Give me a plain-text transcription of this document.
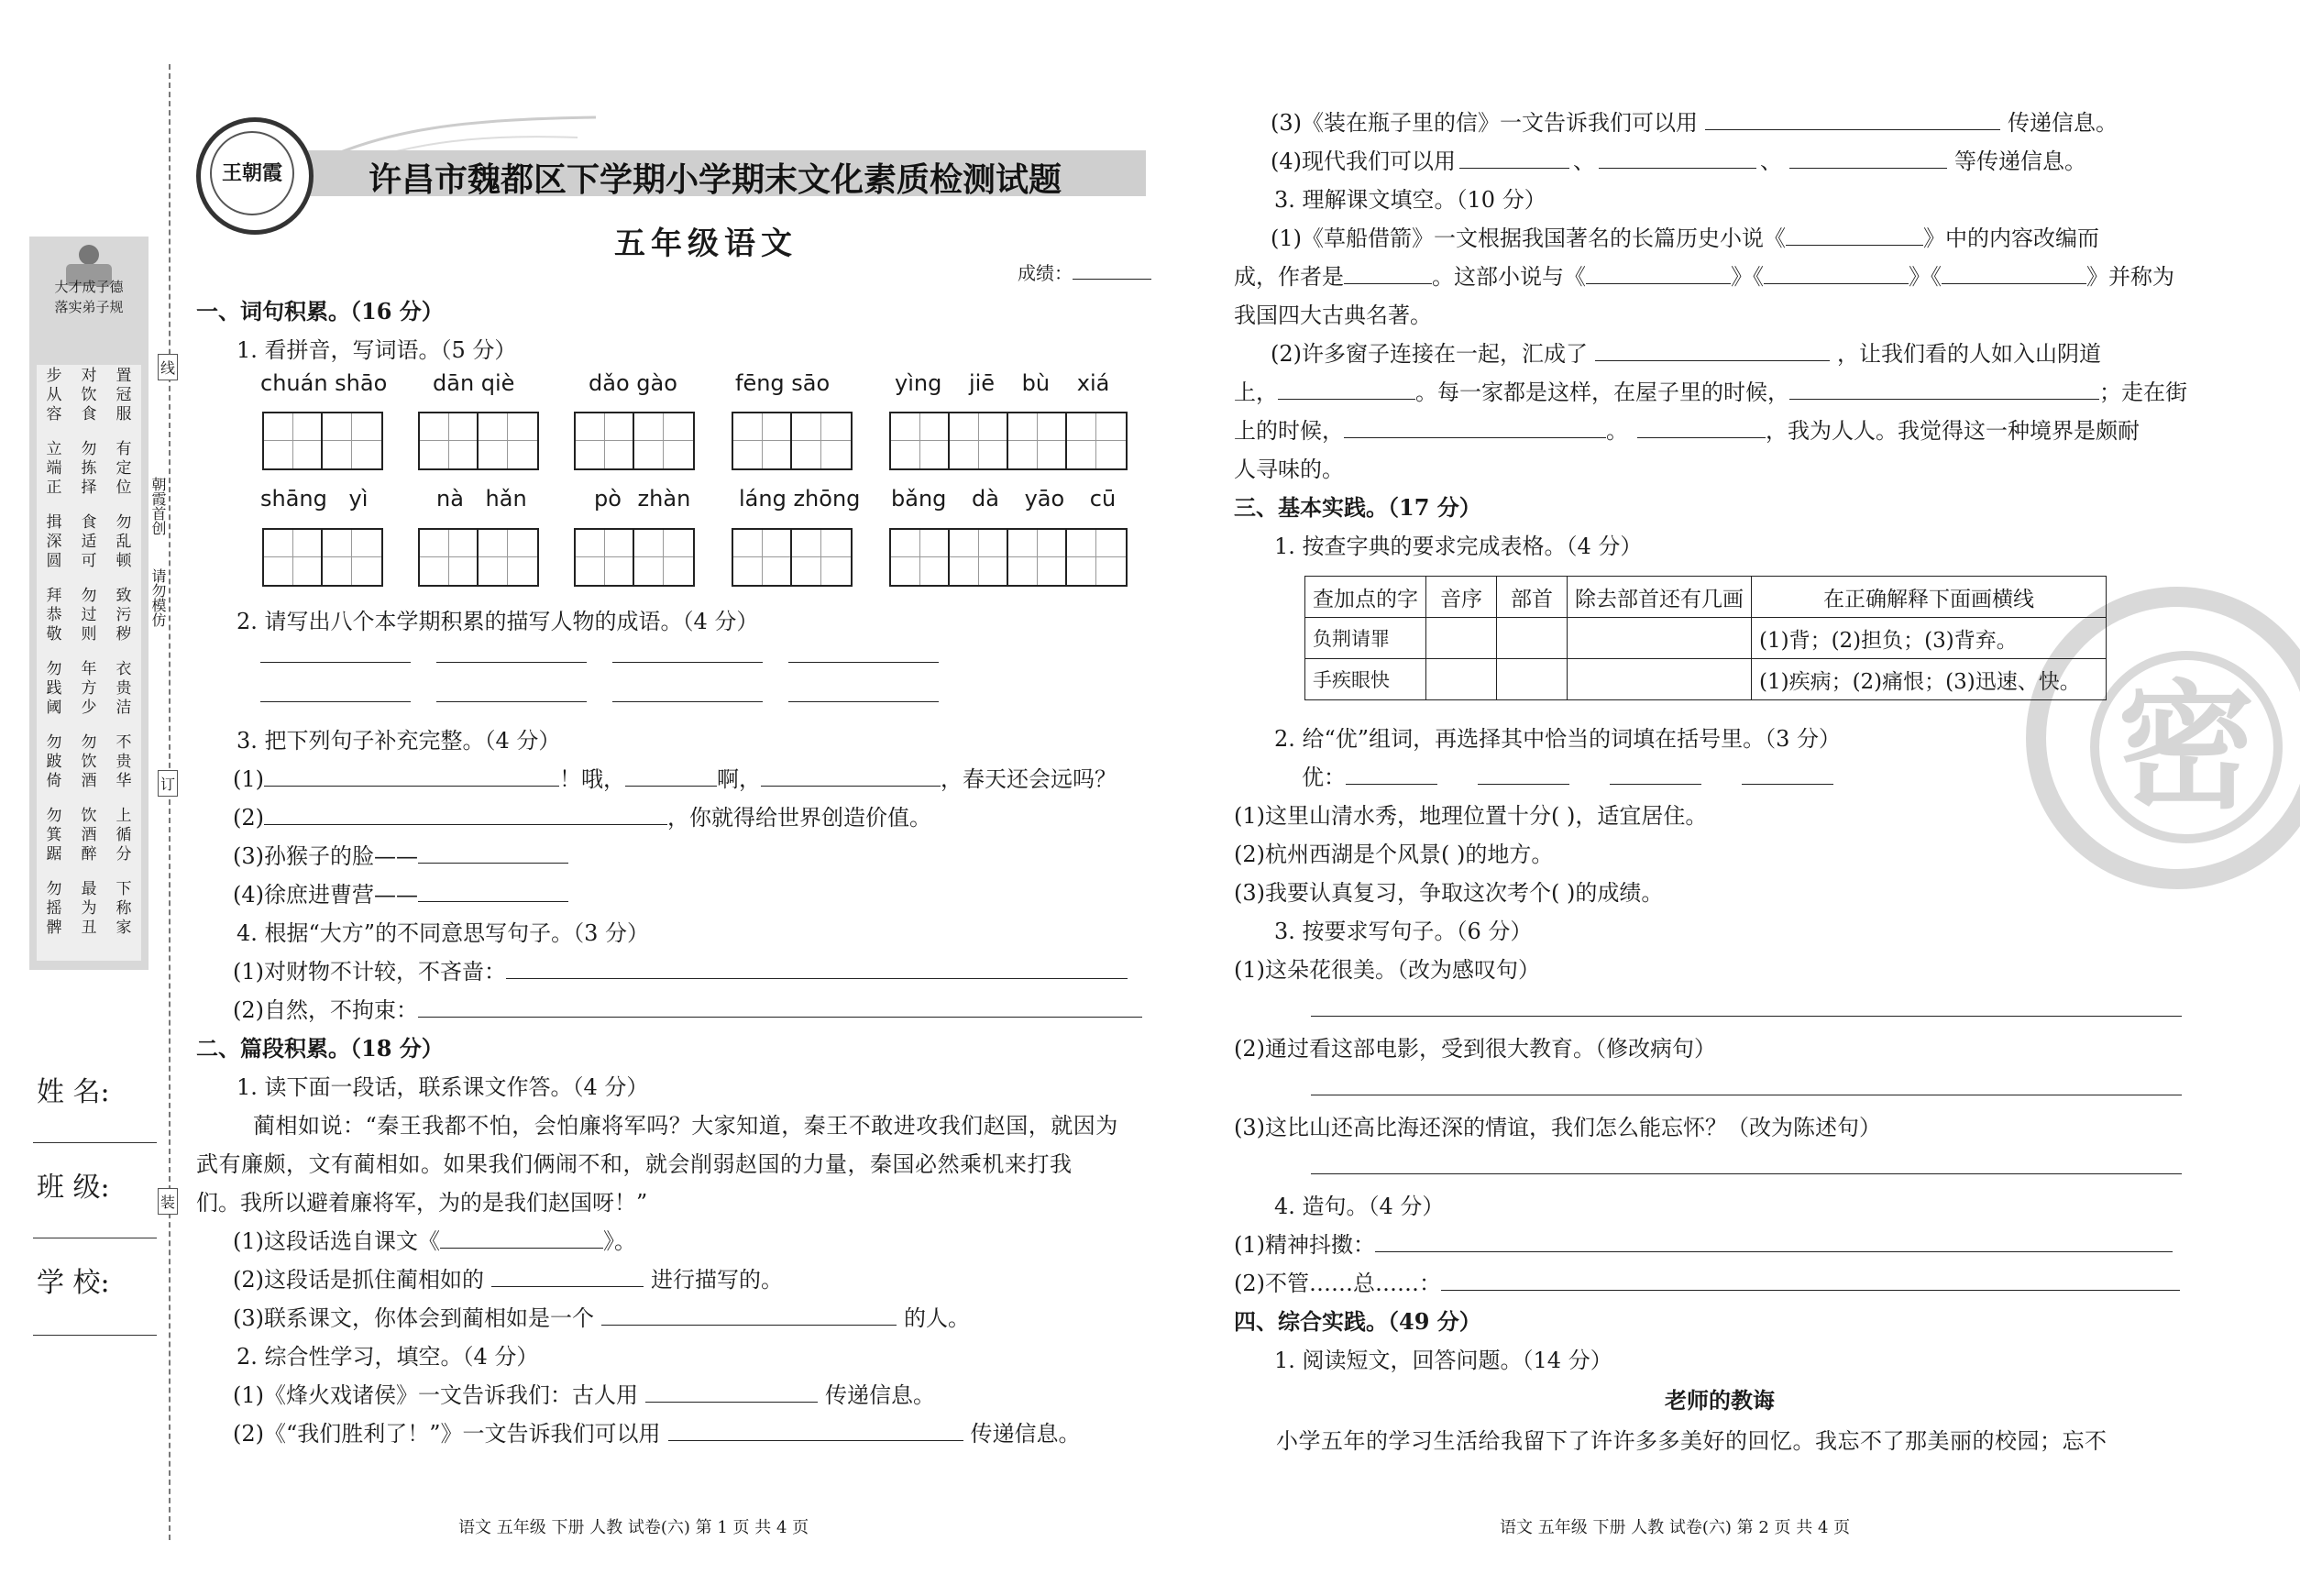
大才成子德
落实弟子规
步从容
对饮食
置冠服
立端正
勿拣择
有定位
揖深圆
食适可
勿乱顿
拜恭敬
勿过则
致污秽
勿践阈
年方少
衣贵洁
勿跛倚
勿饮酒
不贵华
勿箕踞
饮酒醉
上循分
勿摇髀
最为丑
下称家
姓 名:
班 级:
学 校:
线
订
装
朝霞首创
请勿模仿
王朝霞	许昌市魏都区下学期小学期末文化素质检测试题
五年级语文
成绩：
一、词句积累。（16 分）
1. 看拼音，写词语。（5 分）
chuán shāo dān qiè	dǎo gào	fēng sāo	yìng jiē bù xiá
shāng yì	nà hǎn	pò zhàn láng zhōng bǎng dà yāo cū
2. 请写出八个本学期积累的描写人物的成语。（4 分）
3. 把下列句子补充完整。（4 分）
(1)	！哦，	啊，	，春天还会远吗？
(2)	，你就得给世界创造价值。
(3)孙猴子的脸——
(4)徐庶进曹营——
4. 根据“大方”的不同意思写句子。（3 分）
(1)对财物不计较，不吝啬：
(2)自然，不拘束：
二、篇段积累。（18 分）
1. 读下面一段话，联系课文作答。（4 分）
蔺相如说：“秦王我都不怕，会怕廉将军吗？大家知道，秦王不敢进攻我们赵国，就因为
武有廉颇，文有蔺相如。如果我们俩闹不和，就会削弱赵国的力量，秦国必然乘机来打我
们。我所以避着廉将军，为的是我们赵国呀！”
(1)这段话选自课文《	》。
(2)这段话是抓住蔺相如的	进行描写的。
(3)联系课文，你体会到蔺相如是一个	的人。
2. 综合性学习，填空。（4 分）
(1)《烽火戏诸侯》一文告诉我们：古人用	传递信息。
(2)《“我们胜利了！”》一文告诉我们可以用	传递信息。
语文 五年级 下册 人教 试卷(六) 第 1 页 共 4 页
密
(3)《装在瓶子里的信》一文告诉我们可以用	传递信息。
(4)现代我们可以用	、	、	等传递信息。
3. 理解课文填空。（10 分）
(1)《草船借箭》一文根据我国著名的长篇历史小说《	》中的内容改编而
成，作者是	。这部小说与《	》《	》《	》并称为
我国四大古典名著。
(2)许多窗子连接在一起，汇成了	，让我们看的人如入山阴道
上，	。每一家都是这样，在屋子里的时候，	；走在街
上的时候，	。	，我为人人。我觉得这一种境界是颇耐
人寻味的。
三、基本实践。（17 分）
1. 按查字典的要求完成表格。（4 分）
查加点的字	音序	部首	除去部首还有几画	在正确解释下面画横线
负荆请罪				(1)背；(2)担负；(3)背弃。
手疾眼快				(1)疾病；(2)痛恨；(3)迅速、快。
2. 给“优”组词，再选择其中恰当的词填在括号里。（3 分）
优：
(1)这里山清水秀，地理位置十分( )，适宜居住。
(2)杭州西湖是个风景( )的地方。
(3)我要认真复习，争取这次考个( )的成绩。
3. 按要求写句子。（6 分）
(1)这朵花很美。（改为感叹句）
(2)通过看这部电影，受到很大教育。（修改病句）
(3)这比山还高比海还深的情谊，我们怎么能忘怀？（改为陈述句）
4. 造句。（4 分）
(1)精神抖擞：
(2)不管……总……：
四、综合实践。（49 分）
1. 阅读短文，回答问题。（14 分）
老师的教诲
小学五年的学习生活给我留下了许许多多美好的回忆。我忘不了那美丽的校园；忘不
语文 五年级 下册 人教 试卷(六) 第 2 页 共 4 页
